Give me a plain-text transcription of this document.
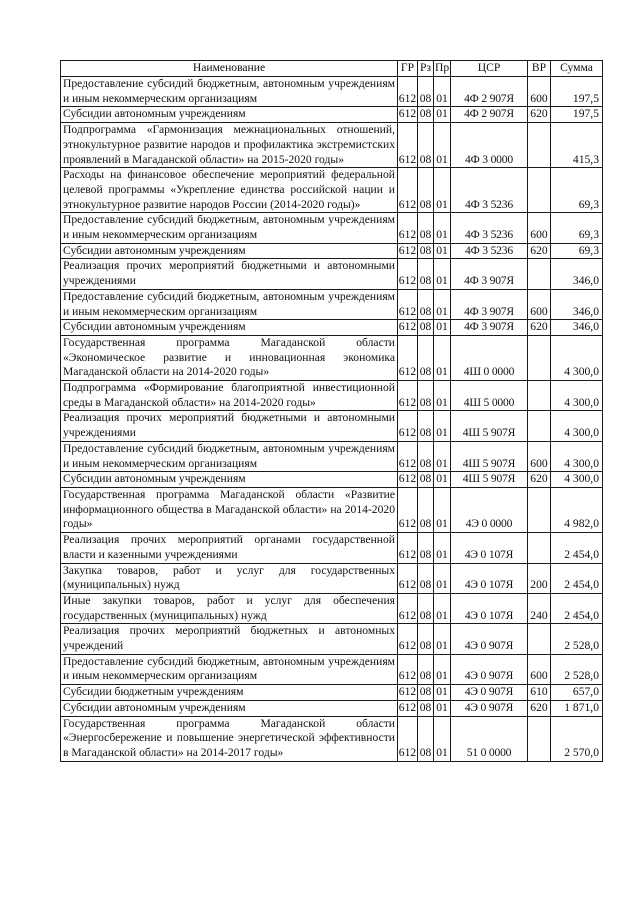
Наименование	ГР	Рз	Пр	ЦСР	ВР	Сумма
Предоставление субсидий бюджетным, автономным учреждениям и иным некоммерческим организациям	612	08	01	4Ф 2 907Я	600	197,5
Субсидии автономным учреждениям	612	08	01	4Ф 2 907Я	620	197,5
Подпрограмма «Гармонизация межнациональных отношений, этнокультурное развитие народов и профилактика экстремистских проявлений в Магаданской области» на 2015-2020 годы»	612	08	01	4Ф 3 0000		415,3
Расходы на финансовое обеспечение мероприятий федеральной целевой программы «Укрепление единства российской нации и этнокультурное развитие народов России (2014-2020 годы)»	612	08	01	4Ф 3 5236		69,3
Предоставление субсидий бюджетным, автономным учреждениям и иным некоммерческим организациям	612	08	01	4Ф 3 5236	600	69,3
Субсидии автономным учреждениям	612	08	01	4Ф 3 5236	620	69,3
Реализация прочих мероприятий бюджетными и автономными учреждениями	612	08	01	4Ф 3 907Я		346,0
Предоставление субсидий бюджетным, автономным учреждениям и иным некоммерческим организациям	612	08	01	4Ф 3 907Я	600	346,0
Субсидии автономным учреждениям	612	08	01	4Ф 3 907Я	620	346,0
Государственная программа Магаданской области «Экономическое развитие и инновационная экономика Магаданской области на 2014-2020 годы»	612	08	01	4Ш 0 0000		4 300,0
Подпрограмма «Формирование благоприятной инвестиционной среды в Магаданской области» на 2014-2020 годы»	612	08	01	4Ш 5 0000		4 300,0
Реализация прочих мероприятий бюджетными и автономными учреждениями	612	08	01	4Ш 5 907Я		4 300,0
Предоставление субсидий бюджетным, автономным учреждениям и иным некоммерческим организациям	612	08	01	4Ш 5 907Я	600	4 300,0
Субсидии автономным учреждениям	612	08	01	4Ш 5 907Я	620	4 300,0
Государственная программа Магаданской области «Развитие информационного общества в Магаданской области» на 2014-2020 годы»	612	08	01	4Э 0 0000		4 982,0
Реализация прочих мероприятий органами государственной власти и казенными учреждениями	612	08	01	4Э 0 107Я		2 454,0
Закупка товаров, работ и услуг для государственных (муниципальных) нужд	612	08	01	4Э 0 107Я	200	2 454,0
Иные закупки товаров, работ и услуг для обеспечения государственных (муниципальных) нужд	612	08	01	4Э 0 107Я	240	2 454,0
Реализация прочих мероприятий бюджетных и автономных учреждений	612	08	01	4Э 0 907Я		2 528,0
Предоставление субсидий бюджетным, автономным учреждениям и иным некоммерческим организациям	612	08	01	4Э 0 907Я	600	2 528,0
Субсидии бюджетным учреждениям	612	08	01	4Э 0 907Я	610	657,0
Субсидии автономным учреждениям	612	08	01	4Э 0 907Я	620	1 871,0
Государственная программа Магаданской области «Энергосбережение и повышение энергетической эффективности в Магаданской области» на 2014-2017 годы»	612	08	01	51 0 0000		2 570,0
